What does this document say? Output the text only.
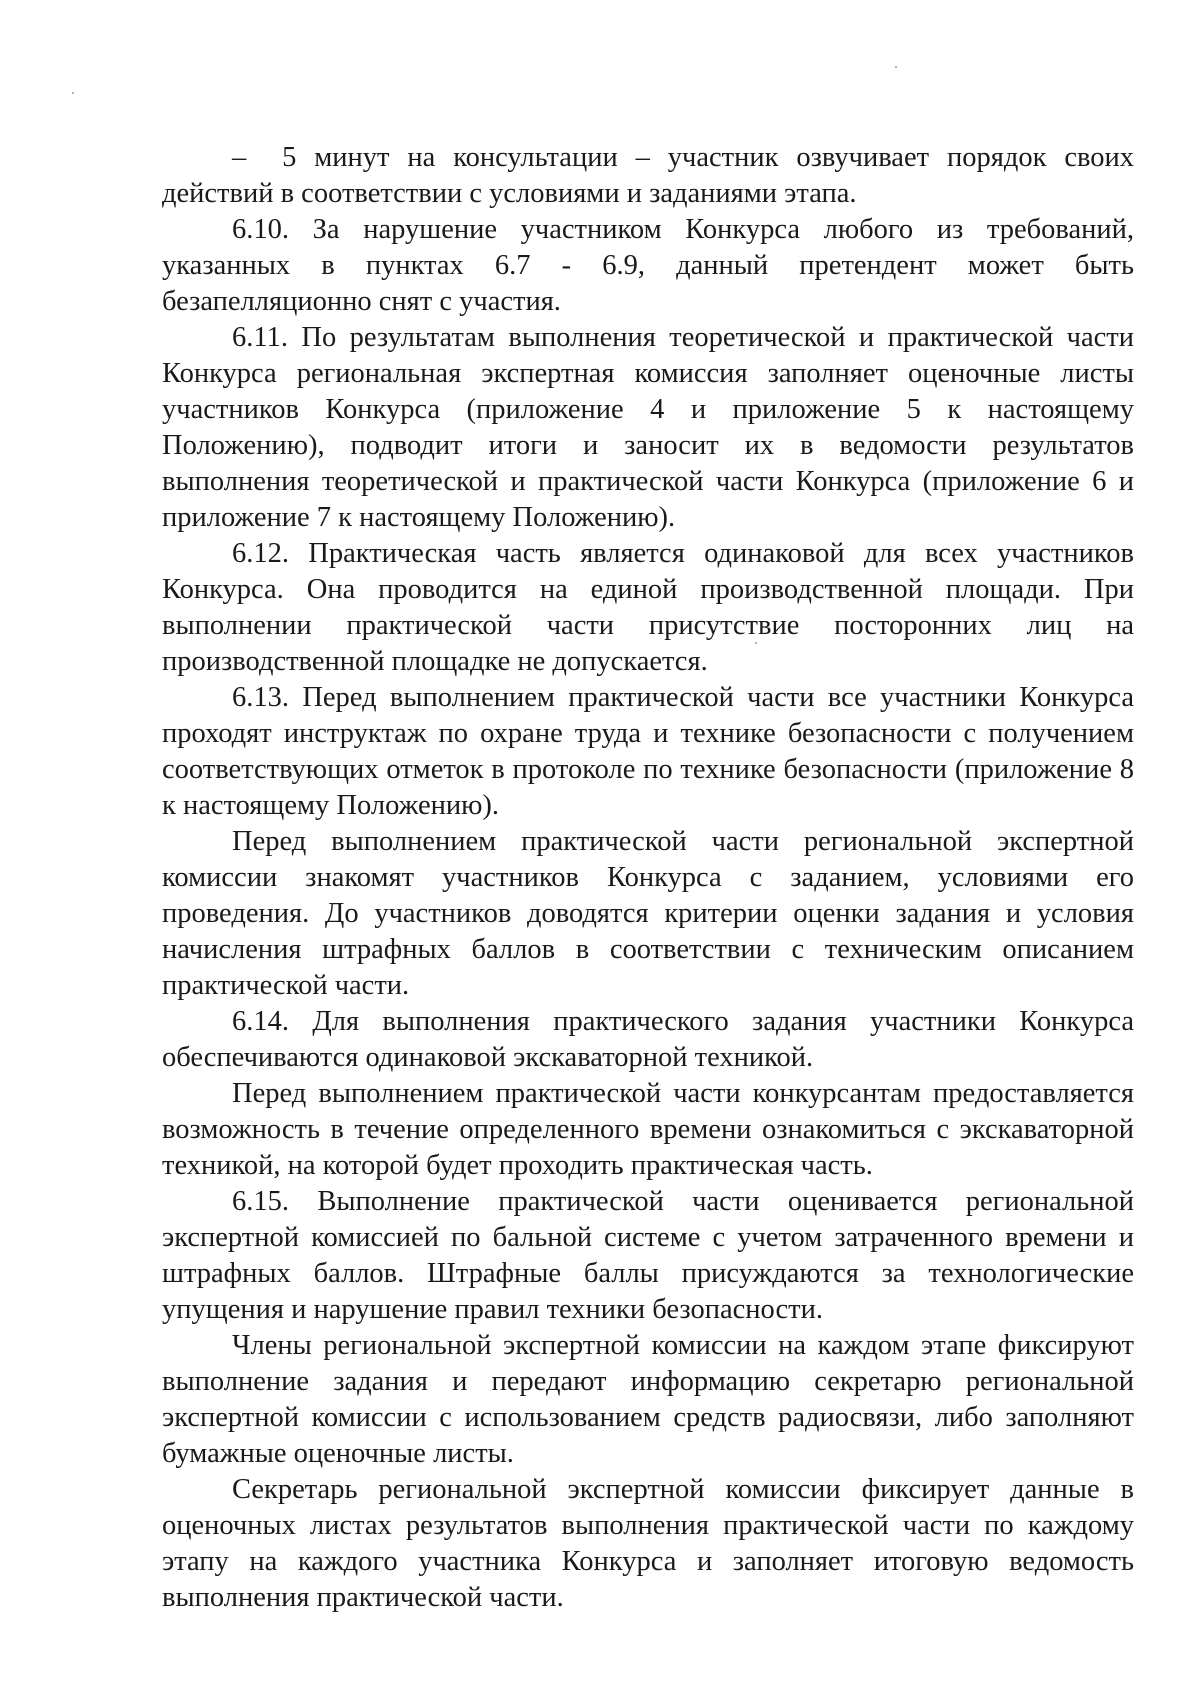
–  5 минут на консультации – участник озвучивает порядок своих действий в соответствии с условиями и заданиями этапа.

6.10. За нарушение участником Конкурса любого из требований, указанных в пунктах 6.7 - 6.9, данный претендент может быть безапелляционно снят с участия.

6.11. По результатам выполнения теоретической и практической части Конкурса региональная экспертная комиссия заполняет оценочные листы участников Конкурса (приложение 4 и приложение 5 к настоящему Положению), подводит итоги и заносит их в ведомости результатов выполнения теоретической и практической части Конкурса (приложение 6 и приложение 7 к настоящему Положению).

6.12. Практическая часть является одинаковой для всех участников Конкурса. Она проводится на единой производственной площади. При выполнении практической части присутствие посторонних лиц на производственной площадке не допускается.

6.13. Перед выполнением практической части все участники Конкурса проходят инструктаж по охране труда и технике безопасности с получением соответствующих отметок в протоколе по технике безопасности (приложение 8 к настоящему Положению).

Перед выполнением практической части региональной экспертной комиссии знакомят участников Конкурса с заданием, условиями его проведения. До участников доводятся критерии оценки задания и условия начисления штрафных баллов в соответствии с техническим описанием практической части.

6.14. Для выполнения практического задания участники Конкурса обеспечиваются одинаковой экскаваторной техникой.

Перед выполнением практической части конкурсантам предоставляется возможность в течение определенного времени ознакомиться с экскаваторной техникой, на которой будет проходить практическая часть.

6.15. Выполнение практической части оценивается региональной экспертной комиссией по бальной системе с учетом затраченного времени и штрафных баллов. Штрафные баллы присуждаются за технологические упущения и нарушение правил техники безопасности.

Члены региональной экспертной комиссии на каждом этапе фиксируют выполнение задания и передают информацию секретарю региональной экспертной комиссии с использованием средств радиосвязи, либо заполняют бумажные оценочные листы.

Секретарь региональной экспертной комиссии фиксирует данные в оценочных листах результатов выполнения практической части по каждому этапу на каждого участника Конкурса и заполняет итоговую ведомость выполнения практической части.
